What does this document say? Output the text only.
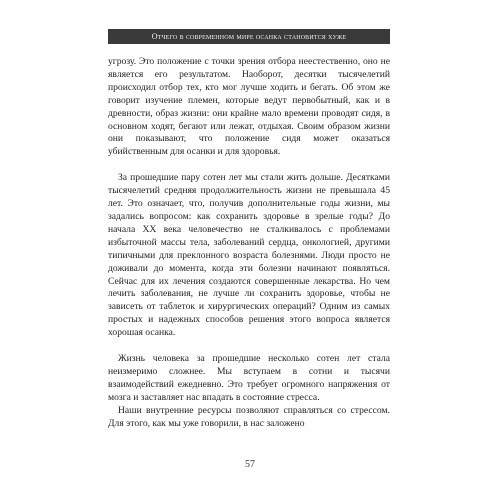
Отчего в современном мире осанка становится хуже

угрозу. Это положение с точки зрения отбора неестественно, оно не является его результатом. Наоборот, десятки тысячелетий происходил отбор тех, кто мог лучше ходить и бегать. Об этом же говорит изучение племен, которые ведут первобытный, как и в древности, образ жизни: они крайне мало времени проводят сидя, в основном ходят, бегают или лежат, отдыхая. Своим образом жизни они показывают, что положение сидя может оказаться убийственным для осанки и для здоровья.

За прошедшие пару сотен лет мы стали жить дольше. Десятками тысячелетий средняя продолжительность жизни не превышала 45 лет. Это означает, что, получив дополнительные годы жизни, мы задались вопросом: как сохранить здоровье в зрелые годы? До начала XX века человечество не сталкивалось с проблемами избыточной массы тела, заболеваний сердца, онкологией, другими типичными для преклонного возраста болезнями. Люди просто не доживали до момента, когда эти болезни начинают появляться. Сейчас для их лечения создаются совершенные лекарства. Но чем лечить заболевания, не лучше ли сохранить здоровье, чтобы не зависеть от таблеток и хирургических операций? Одним из самых простых и надежных способов решения этого вопроса является хорошая осанка.

Жизнь человека за прошедшие несколько сотен лет стала неизмеримо сложнее. Мы вступаем в сотни и тысячи взаимодействий ежедневно. Это требует огромного напряжения от мозга и заставляет нас впадать в состояние стресса.

Наши внутренние ресурсы позволяют справляться со стрессом. Для этого, как мы уже говорили, в нас заложено

57
